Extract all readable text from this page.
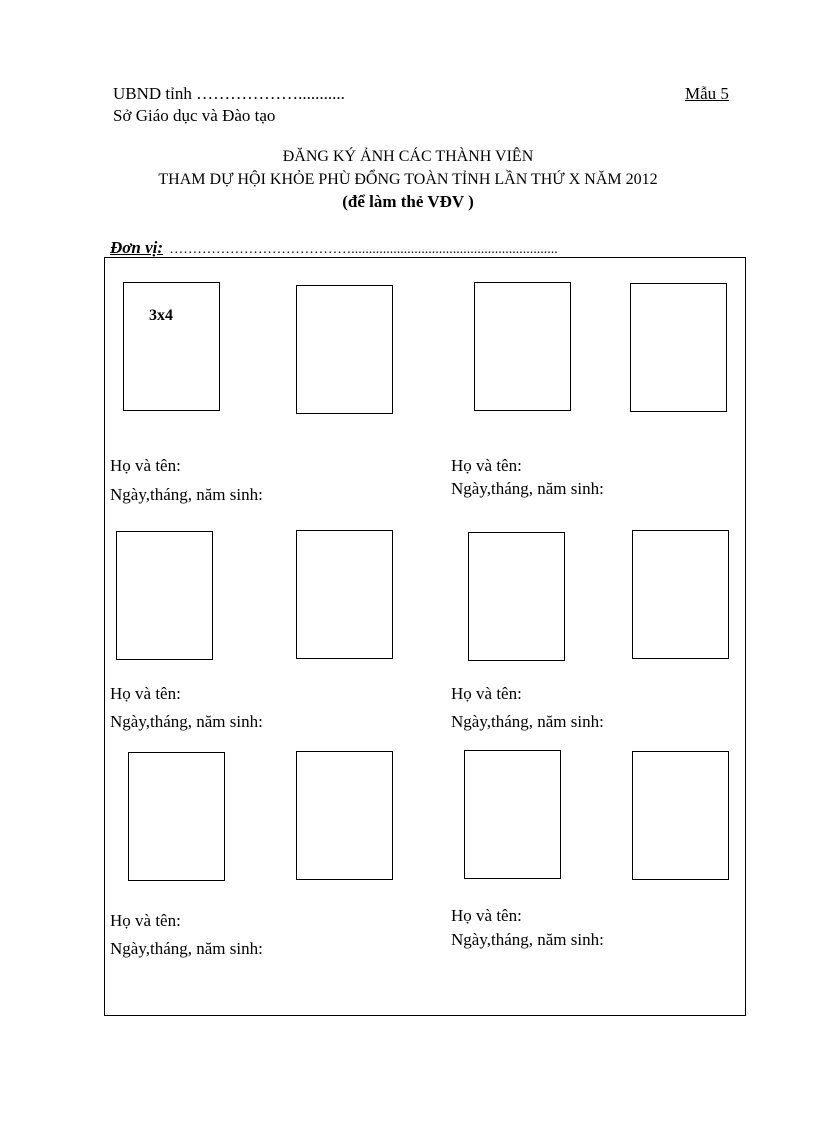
UBND tỉnh ………………...........
Sở Giáo dục và Đào tạo
Mẫu 5
ĐĂNG KÝ ẢNH CÁC THÀNH VIÊN
THAM DỰ HỘI KHỎE PHÙ ĐỔNG TOÀN TỈNH LẦN THỨ X NĂM 2012
(để làm thẻ VĐV )
Đơn vị: …………………………………...........................................................
3x4
Họ và tên:
Ngày,tháng, năm sinh:
Họ và tên:
Ngày,tháng, năm sinh:
Họ và tên:
Ngày,tháng, năm sinh:
Họ và tên:
Ngày,tháng, năm sinh:
Họ và tên:
Ngày,tháng, năm sinh:
Họ và tên:
Ngày,tháng, năm sinh:
